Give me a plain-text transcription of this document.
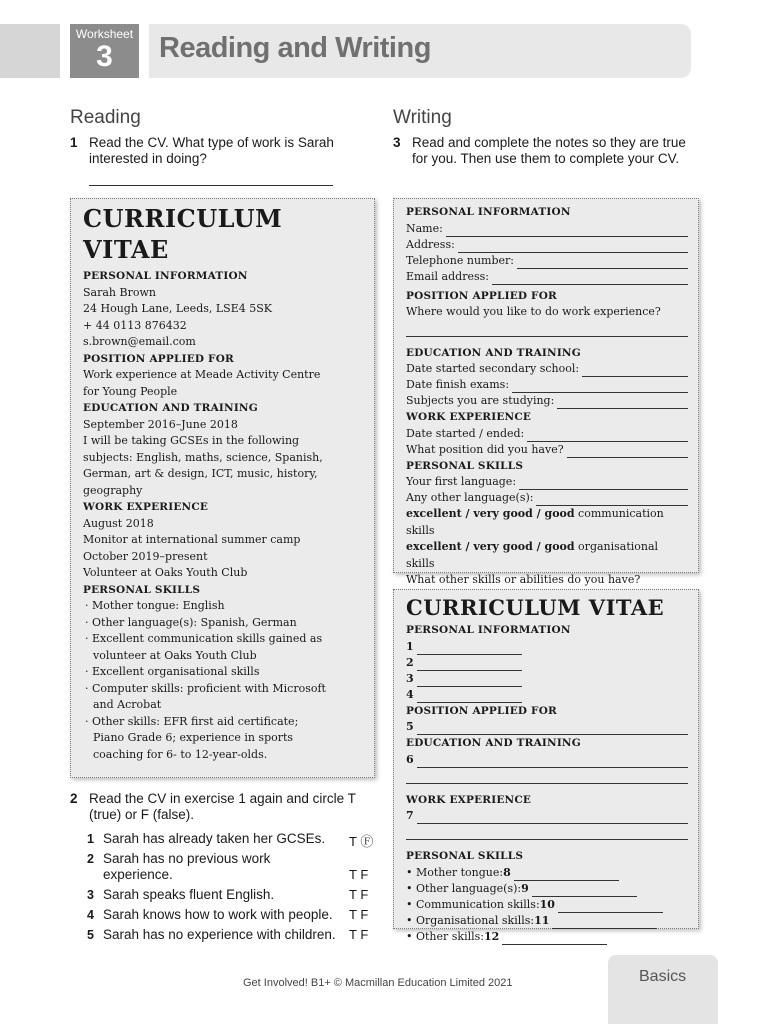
Worksheet
3	Reading and Writing
Reading
1 Read the CV. What type of work is Sarah interested in doing?
Writing
3 Read and complete the notes so they are true for you. Then use them to complete your CV.
CURRICULUM VITAE
PERSONAL INFORMATION
Sarah Brown
24 Hough Lane, Leeds, LSE4 5SK
+ 44 0113 876432
s.brown@email.com
POSITION APPLIED FOR
Work experience at Meade Activity Centre
for Young People
EDUCATION AND TRAINING
September 2016–June 2018
I will be taking GCSEs in the following
subjects: English, maths, science, Spanish,
German, art & design, ICT, music, history,
geography
WORK EXPERIENCE
August 2018
Monitor at international summer camp
October 2019–present
Volunteer at Oaks Youth Club
PERSONAL SKILLS
· Mother tongue: English
· Other language(s): Spanish, German
· Excellent communication skills gained as volunteer at Oaks Youth Club
· Excellent organisational skills
· Computer skills: proficient with Microsoft and Acrobat
· Other skills: EFR first aid certificate; Piano Grade 6; experience in sports coaching for 6- to 12-year-olds.
PERSONAL INFORMATION
Name:
Address:
Telephone number:
Email address:
POSITION APPLIED FOR
Where would you like to do work experience?
EDUCATION AND TRAINING
Date started secondary school:
Date finish exams:
Subjects you are studying:
WORK EXPERIENCE
Date started / ended:
What position did you have?
PERSONAL SKILLS
Your first language:
Any other language(s):
excellent / very good / good communication skills
excellent / very good / good organisational skills
What other skills or abilities do you have?
CURRICULUM VITAE
PERSONAL INFORMATION
1
2
3
4
POSITION APPLIED FOR
5
EDUCATION AND TRAINING
6
WORK EXPERIENCE
7
PERSONAL SKILLS
• Mother tongue: 8
• Other language(s): 9
• Communication skills: 10
• Organisational skills: 11
• Other skills: 12
2 Read the CV in exercise 1 again and circle T (true) or F (false).
1 Sarah has already taken her GCSEs. T Ⓕ
2 Sarah has no previous work
experience.	T F
3 Sarah speaks fluent English.	T F
4 Sarah knows how to work with people. T F
5 Sarah has no experience with children. T F
Get Involved! B1+ © Macmillan Education Limited 2021	Basics
